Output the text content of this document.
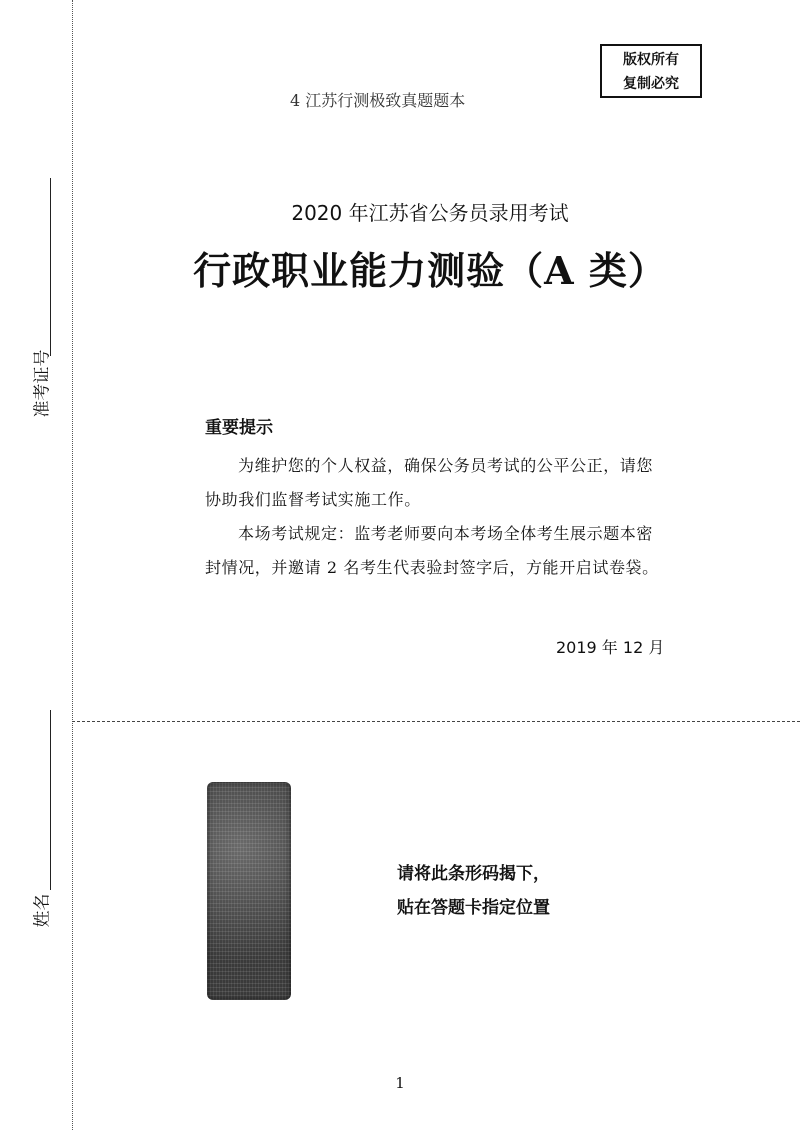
准考证号
姓名
4 江苏行测极致真题题本
版权所有
复制必究
2020 年江苏省公务员录用考试
行政职业能力测验（A 类）
重要提示
为维护您的个人权益，确保公务员考试的公平公正，请您协助我们监督考试实施工作。
本场考试规定：监考老师要向本考场全体考生展示题本密封情况，并邀请 2 名考生代表验封签字后，方能开启试卷袋。
2019 年 12 月
请将此条形码揭下，
贴在答题卡指定位置
1
